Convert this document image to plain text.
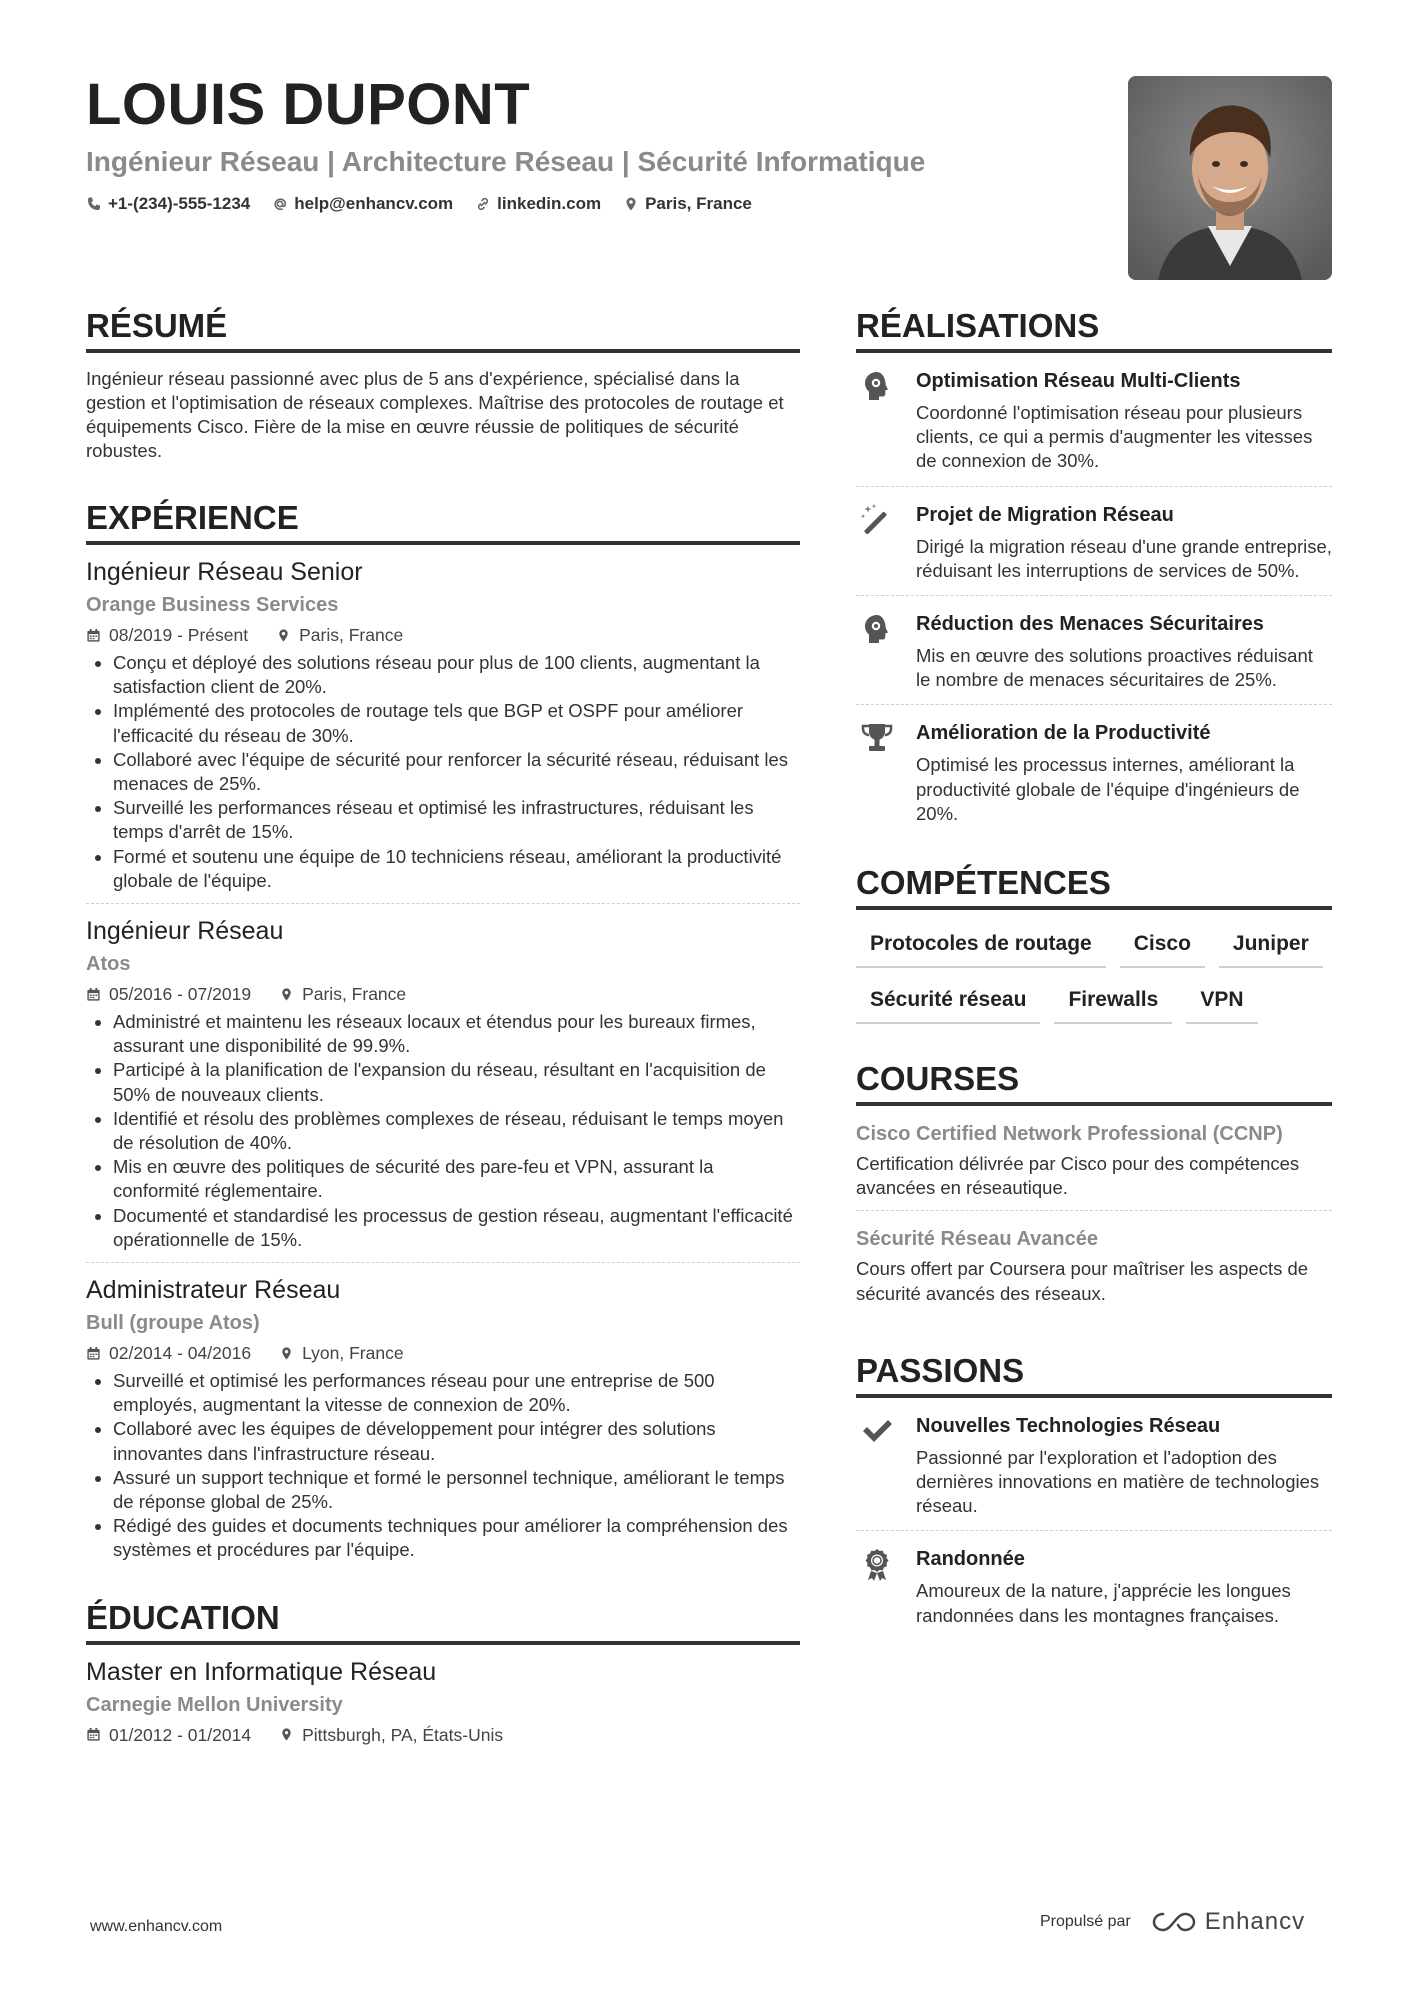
LOUIS DUPONT
Ingénieur Réseau | Architecture Réseau | Sécurité Informatique
+1-(234)-555-1234	help@enhancv.com	linkedin.com	Paris, France
RÉSUMÉ
Ingénieur réseau passionné avec plus de 5 ans d'expérience, spécialisé dans la gestion et l'optimisation de réseaux complexes. Maîtrise des protocoles de routage et équipements Cisco. Fière de la mise en œuvre réussie de politiques de sécurité robustes.
EXPÉRIENCE
Ingénieur Réseau Senior
Orange Business Services
08/2019 - Présent	Paris, France
Conçu et déployé des solutions réseau pour plus de 100 clients, augmentant la satisfaction client de 20%.
Implémenté des protocoles de routage tels que BGP et OSPF pour améliorer l'efficacité du réseau de 30%.
Collaboré avec l'équipe de sécurité pour renforcer la sécurité réseau, réduisant les menaces de 25%.
Surveillé les performances réseau et optimisé les infrastructures, réduisant les temps d'arrêt de 15%.
Formé et soutenu une équipe de 10 techniciens réseau, améliorant la productivité globale de l'équipe.
Ingénieur Réseau
Atos
05/2016 - 07/2019	Paris, France
Administré et maintenu les réseaux locaux et étendus pour les bureaux firmes, assurant une disponibilité de 99.9%.
Participé à la planification de l'expansion du réseau, résultant en l'acquisition de 50% de nouveaux clients.
Identifié et résolu des problèmes complexes de réseau, réduisant le temps moyen de résolution de 40%.
Mis en œuvre des politiques de sécurité des pare-feu et VPN, assurant la conformité réglementaire.
Documenté et standardisé les processus de gestion réseau, augmentant l'efficacité opérationnelle de 15%.
Administrateur Réseau
Bull (groupe Atos)
02/2014 - 04/2016	Lyon, France
Surveillé et optimisé les performances réseau pour une entreprise de 500 employés, augmentant la vitesse de connexion de 20%.
Collaboré avec les équipes de développement pour intégrer des solutions innovantes dans l'infrastructure réseau.
Assuré un support technique et formé le personnel technique, améliorant le temps de réponse global de 25%.
Rédigé des guides et documents techniques pour améliorer la compréhension des systèmes et procédures par l'équipe.
ÉDUCATION
Master en Informatique Réseau
Carnegie Mellon University
01/2012 - 01/2014	Pittsburgh, PA, États-Unis
RÉALISATIONS
Optimisation Réseau Multi-Clients
Coordonné l'optimisation réseau pour plusieurs clients, ce qui a permis d'augmenter les vitesses de connexion de 30%.
Projet de Migration Réseau
Dirigé la migration réseau d'une grande entreprise, réduisant les interruptions de services de 50%.
Réduction des Menaces Sécuritaires
Mis en œuvre des solutions proactives réduisant le nombre de menaces sécuritaires de 25%.
Amélioration de la Productivité
Optimisé les processus internes, améliorant la productivité globale de l'équipe d'ingénieurs de 20%.
COMPÉTENCES
Protocoles de routage	Cisco	Juniper
Sécurité réseau	Firewalls	VPN
COURSES
Cisco Certified Network Professional (CCNP)
Certification délivrée par Cisco pour des compétences avancées en réseautique.
Sécurité Réseau Avancée
Cours offert par Coursera pour maîtriser les aspects de sécurité avancés des réseaux.
PASSIONS
Nouvelles Technologies Réseau
Passionné par l'exploration et l'adoption des dernières innovations en matière de technologies réseau.
Randonnée
Amoureux de la nature, j'apprécie les longues randonnées dans les montagnes françaises.
www.enhancv.com	Propulsé par	Enhancv
